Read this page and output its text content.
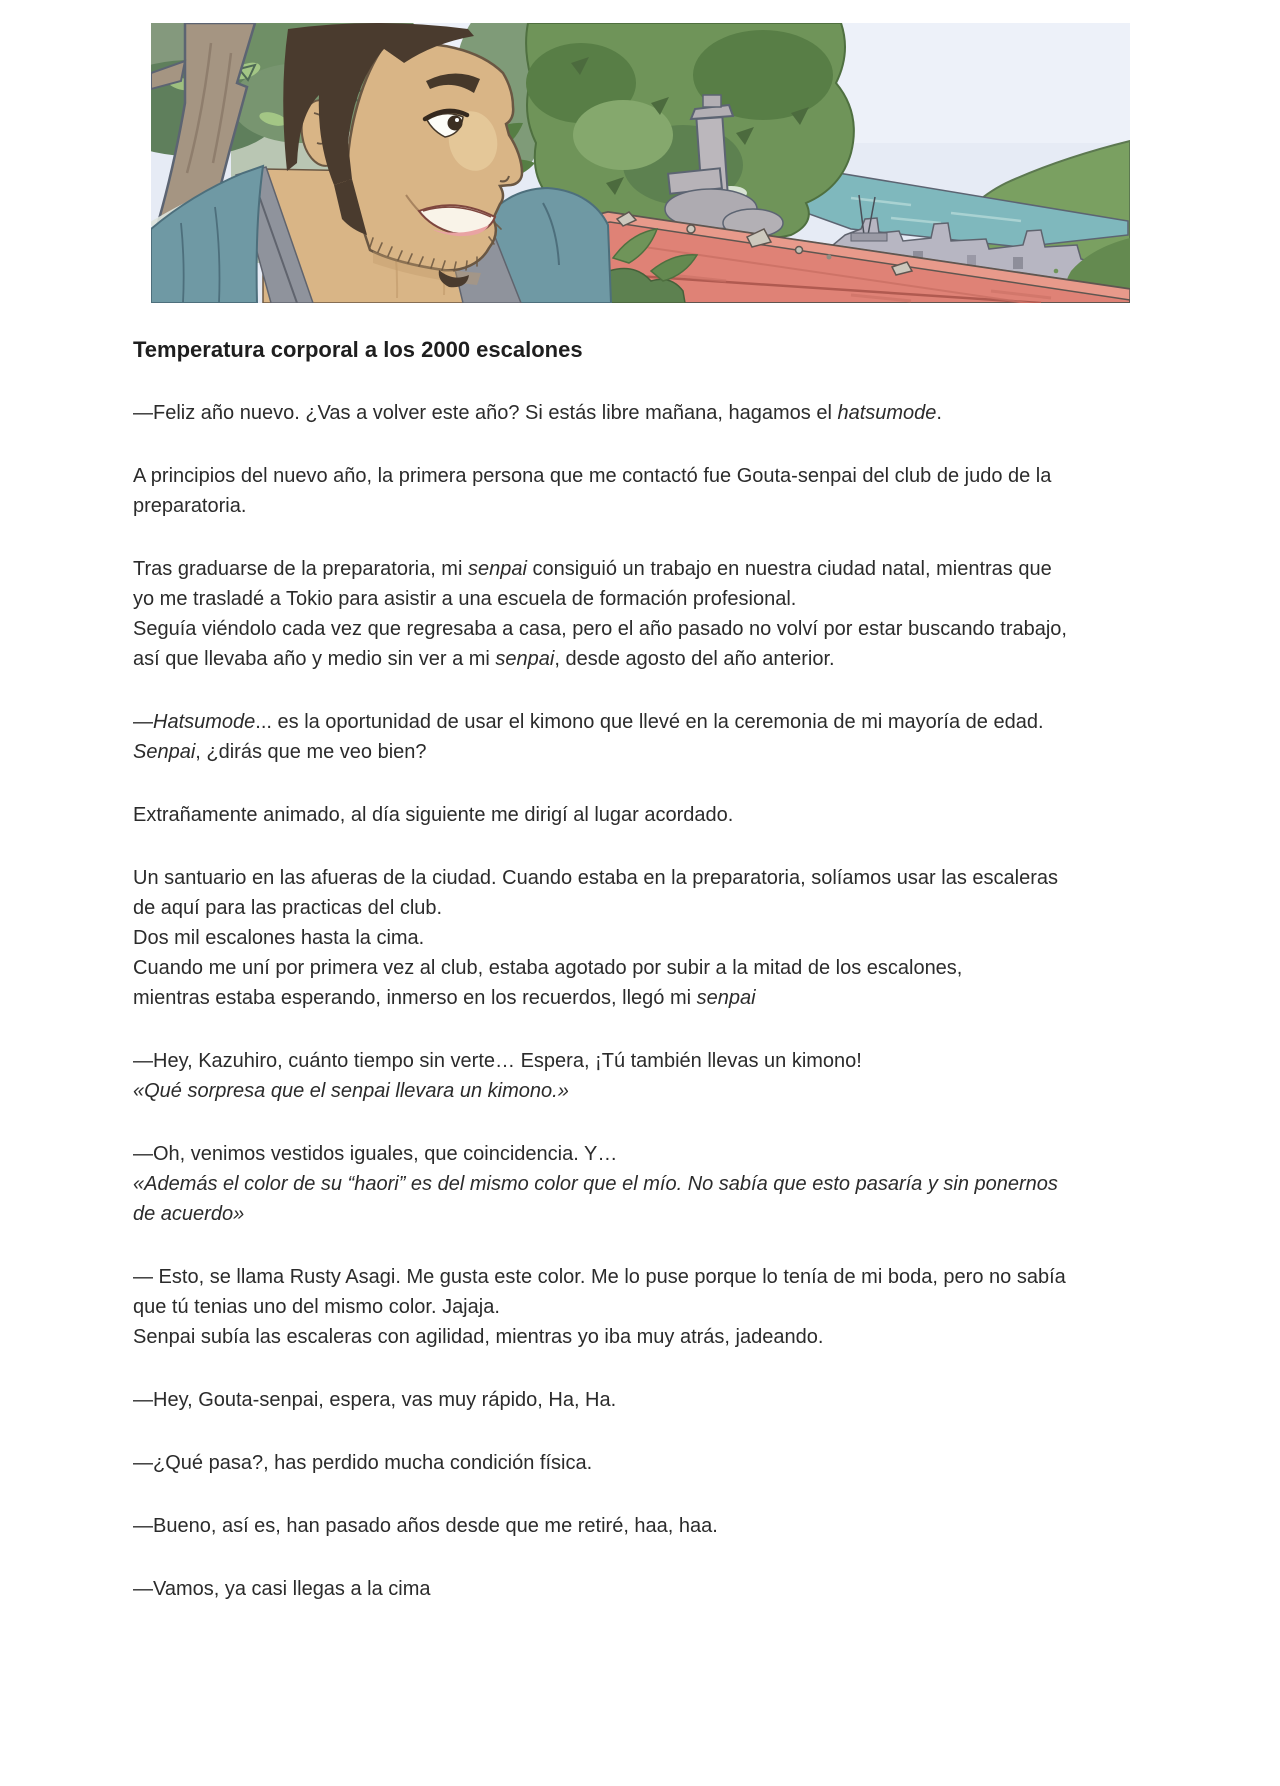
Temperatura corporal a los 2000 escalones

—Feliz año nuevo. ¿Vas a volver este año? Si estás libre mañana, hagamos el hatsumode.

A principios del nuevo año, la primera persona que me contactó fue Gouta-senpai del club de judo de la
preparatoria.

Tras graduarse de la preparatoria, mi senpai consiguió un trabajo en nuestra ciudad natal, mientras que
yo me trasladé a Tokio para asistir a una escuela de formación profesional.
Seguía viéndolo cada vez que regresaba a casa, pero el año pasado no volví por estar buscando trabajo,
así que llevaba año y medio sin ver a mi senpai, desde agosto del año anterior.

—Hatsumode... es la oportunidad de usar el kimono que llevé en la ceremonia de mi mayoría de edad.
Senpai, ¿dirás que me veo bien?

Extrañamente animado, al día siguiente me dirigí al lugar acordado.

Un santuario en las afueras de la ciudad. Cuando estaba en la preparatoria, solíamos usar las escaleras
de aquí para las practicas del club.
Dos mil escalones hasta la cima.
Cuando me uní por primera vez al club, estaba agotado por subir a la mitad de los escalones,
mientras estaba esperando, inmerso en los recuerdos, llegó mi senpai

—Hey, Kazuhiro, cuánto tiempo sin verte… Espera, ¡Tú también llevas un kimono!
«Qué sorpresa que el senpai llevara un kimono.»

—Oh, venimos vestidos iguales, que coincidencia. Y…
«Además el color de su “haori” es del mismo color que el mío. No sabía que esto pasaría y sin ponernos
de acuerdo»

— Esto, se llama Rusty Asagi. Me gusta este color. Me lo puse porque lo tenía de mi boda, pero no sabía
que tú tenias uno del mismo color. Jajaja.
Senpai subía las escaleras con agilidad, mientras yo iba muy atrás, jadeando.

—Hey, Gouta-senpai, espera, vas muy rápido, Ha, Ha.

—¿Qué pasa?, has perdido mucha condición física.

—Bueno, así es, han pasado años desde que me retiré, haa, haa.

—Vamos, ya casi llegas a la cima
